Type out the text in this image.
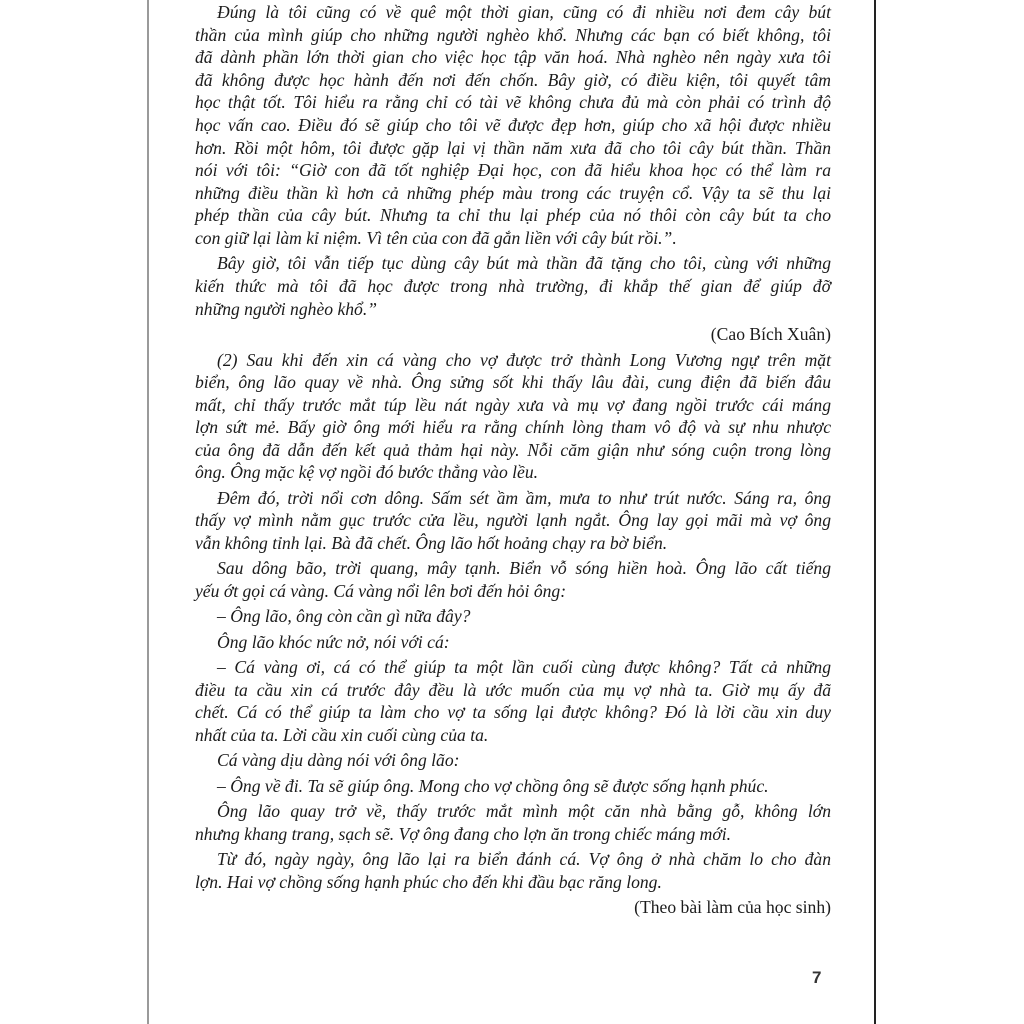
Đúng là tôi cũng có về quê một thời gian, cũng có đi nhiều nơi đem cây bút
thần của mình giúp cho những người nghèo khổ. Nhưng các bạn có biết không, tôi
đã dành phần lớn thời gian cho việc học tập văn hoá. Nhà nghèo nên ngày xưa tôi
đã không được học hành đến nơi đến chốn. Bây giờ, có điều kiện, tôi quyết tâm
học thật tốt. Tôi hiểu ra rằng chỉ có tài vẽ không chưa đủ mà còn phải có trình độ
học vấn cao. Điều đó sẽ giúp cho tôi vẽ được đẹp hơn, giúp cho xã hội được nhiều
hơn. Rồi một hôm, tôi được gặp lại vị thần năm xưa đã cho tôi cây bút thần. Thần
nói với tôi: “Giờ con đã tốt nghiệp Đại học, con đã hiểu khoa học có thể làm ra
những điều thần kì hơn cả những phép màu trong các truyện cổ. Vậy ta sẽ thu lại
phép thần của cây bút. Nhưng ta chỉ thu lại phép của nó thôi còn cây bút ta cho
con giữ lại làm kỉ niệm. Vì tên của con đã gắn liền với cây bút rồi.”.
Bây giờ, tôi vẫn tiếp tục dùng cây bút mà thần đã tặng cho tôi, cùng với những
kiến thức mà tôi đã học được trong nhà trường, đi khắp thế gian để giúp đỡ
những người nghèo khổ.”
(Cao Bích Xuân)
(2) Sau khi đến xin cá vàng cho vợ được trở thành Long Vương ngự trên mặt
biển, ông lão quay về nhà. Ông sửng sốt khi thấy lâu đài, cung điện đã biến đâu
mất, chỉ thấy trước mắt túp lều nát ngày xưa và mụ vợ đang ngồi trước cái máng
lợn sứt mẻ. Bấy giờ ông mới hiểu ra rằng chính lòng tham vô độ và sự nhu nhược
của ông đã dẫn đến kết quả thảm hại này. Nỗi căm giận như sóng cuộn trong lòng
ông. Ông mặc kệ vợ ngồi đó bước thẳng vào lều.
Đêm đó, trời nổi cơn dông. Sấm sét ầm ầm, mưa to như trút nước. Sáng ra, ông
thấy vợ mình nằm gục trước cửa lều, người lạnh ngắt. Ông lay gọi mãi mà vợ ông
vẫn không tỉnh lại. Bà đã chết. Ông lão hốt hoảng chạy ra bờ biển.
Sau dông bão, trời quang, mây tạnh. Biển vỗ sóng hiền hoà. Ông lão cất tiếng
yếu ớt gọi cá vàng. Cá vàng nổi lên bơi đến hỏi ông:
– Ông lão, ông còn cần gì nữa đây?
Ông lão khóc nức nở, nói với cá:
– Cá vàng ơi, cá có thể giúp ta một lần cuối cùng được không? Tất cả những
điều ta cầu xin cá trước đây đều là ước muốn của mụ vợ nhà ta. Giờ mụ ấy đã
chết. Cá có thể giúp ta làm cho vợ ta sống lại được không? Đó là lời cầu xin duy
nhất của ta. Lời cầu xin cuối cùng của ta.
Cá vàng dịu dàng nói với ông lão:
– Ông về đi. Ta sẽ giúp ông. Mong cho vợ chồng ông sẽ được sống hạnh phúc.
Ông lão quay trở về, thấy trước mắt mình một căn nhà bằng gỗ, không lớn
nhưng khang trang, sạch sẽ. Vợ ông đang cho lợn ăn trong chiếc máng mới.
Từ đó, ngày ngày, ông lão lại ra biển đánh cá. Vợ ông ở nhà chăm lo cho đàn
lợn. Hai vợ chồng sống hạnh phúc cho đến khi đầu bạc răng long.
(Theo bài làm của học sinh)
7
